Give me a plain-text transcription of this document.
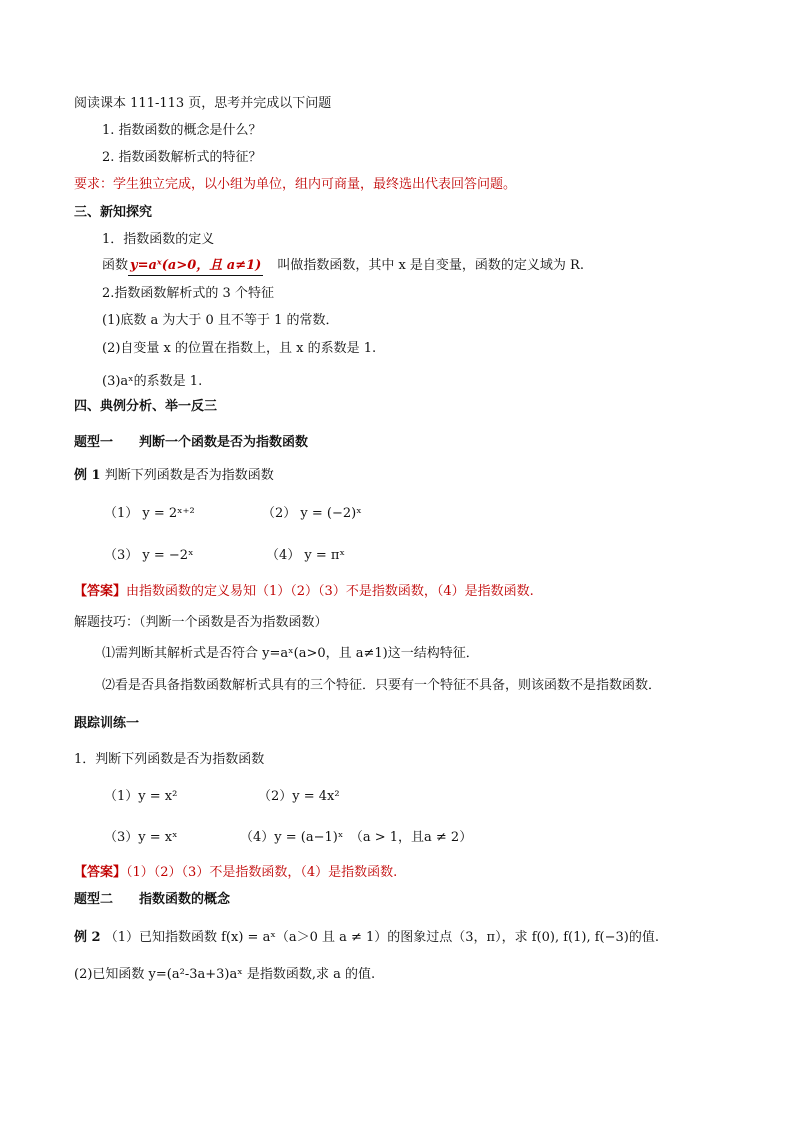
阅读课本 111-113 页，思考并完成以下问题
1. 指数函数的概念是什么？
2. 指数函数解析式的特征？
要求：学生独立完成，以小组为单位，组内可商量，最终选出代表回答问题。
三、新知探究
1．指数函数的定义
函数 y=aˣ(a>0，且 a≠1) 叫做指数函数，其中 x 是自变量，函数的定义域为 R.
2.指数函数解析式的 3 个特征
(1)底数 a 为大于 0 且不等于 1 的常数．
(2)自变量 x 的位置在指数上，且 x 的系数是 1.
(3)aˣ的系数是 1.
四、典例分析、举一反三
题型一　　判断一个函数是否为指数函数
例 1 判断下列函数是否为指数函数
（1） y = 2ˣ⁺²	（2） y = (−2)ˣ
（3） y = −2ˣ	（4） y = πˣ
【答案】由指数函数的定义易知（1）（2）（3）不是指数函数，（4）是指数函数.
解题技巧：（判断一个函数是否为指数函数）
⑴需判断其解析式是否符合 y=aˣ(a>0，且 a≠1)这一结构特征．
⑵看是否具备指数函数解析式具有的三个特征．只要有一个特征不具备，则该函数不是指数函数．
跟踪训练一
1．判断下列函数是否为指数函数
（1）y = x²	（2）y = 4x²
（3）y = xˣ	（4）y = (a−1)ˣ　（a > 1，且a ≠ 2）
【答案】（1）（2）（3）不是指数函数，（4）是指数函数.
题型二　　指数函数的概念
例 2 （1）已知指数函数 f(x) = aˣ（a＞0 且 a ≠ 1）的图象过点（3，π），求 f(0), f(1), f(−3)的值.
(2)已知函数 y=(a²-3a+3)aˣ 是指数函数,求 a 的值.
